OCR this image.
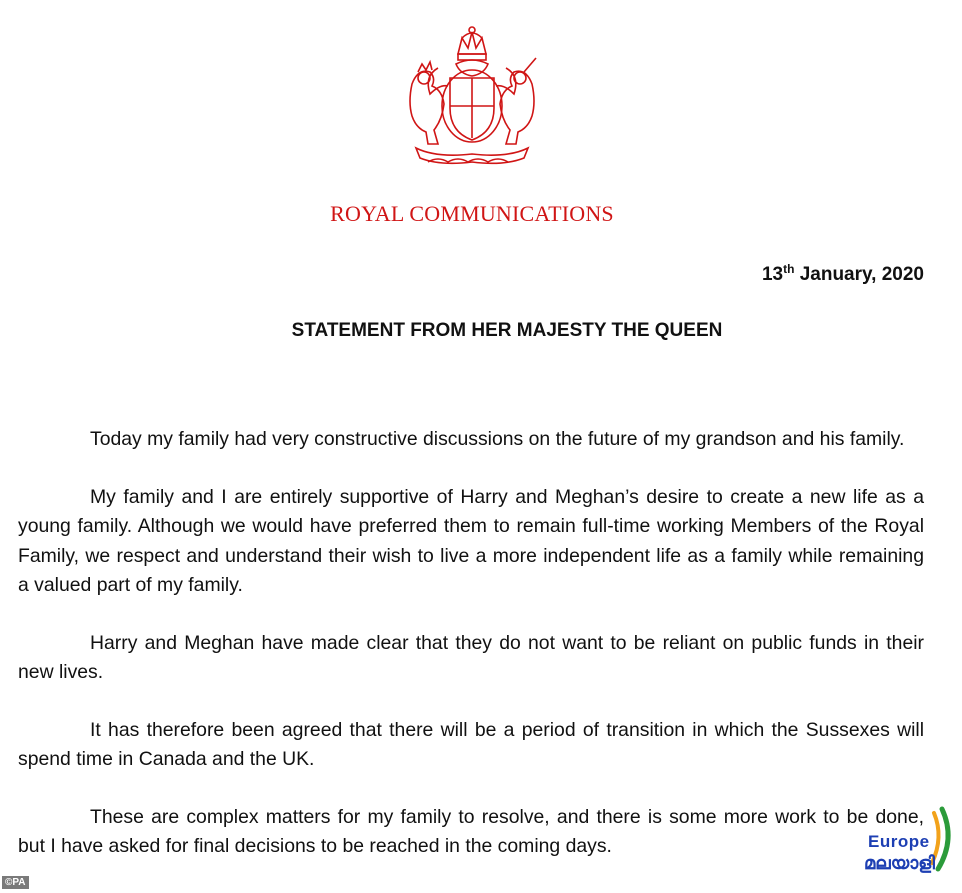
ROYAL COMMUNICATIONS
13th January, 2020
STATEMENT FROM HER MAJESTY THE QUEEN

Today my family had very constructive discussions on the future of my grandson and his family.

My family and I are entirely supportive of Harry and Meghan’s desire to create a new life as a young family. Although we would have preferred them to remain full-time working Members of the Royal Family, we respect and understand their wish to live a more independent life as a family while remaining a valued part of my family.

Harry and Meghan have made clear that they do not want to be reliant on public funds in their new lives.

It has therefore been agreed that there will be a period of transition in which the Sussexes will spend time in Canada and the UK.

These are complex matters for my family to resolve, and there is some more work to be done, but I have asked for final decisions to be reached in the coming days.

©PA
Europe
മലയാളി
